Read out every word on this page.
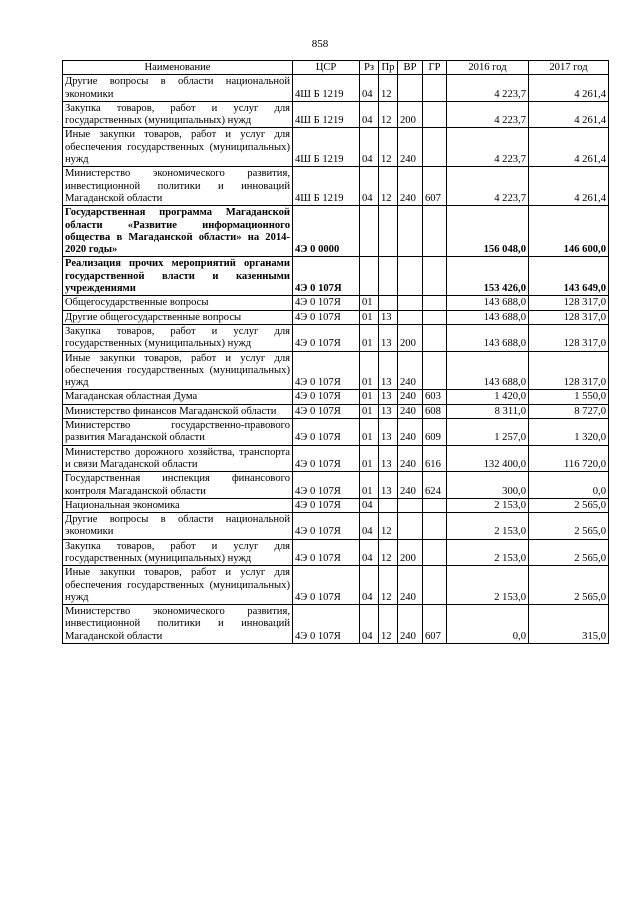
858
Наименование	ЦСР	Рз	Пр	ВР	ГР	2016 год	2017 год
Другие вопросы в области национальной экономики	4Ш Б 1219	04	12			4 223,7	4 261,4
Закупка товаров, работ и услуг для государственных (муниципальных) нужд	4Ш Б 1219	04	12	200		4 223,7	4 261,4
Иные закупки товаров, работ и услуг для обеспечения государственных (муниципальных) нужд	4Ш Б 1219	04	12	240		4 223,7	4 261,4
Министерство экономического развития, инвестиционной политики и инноваций Магаданской области	4Ш Б 1219	04	12	240	607	4 223,7	4 261,4
Государственная программа Магаданской области «Развитие информационного общества в Магаданской области» на 2014-2020 годы»	4Э 0 0000					156 048,0	146 600,0
Реализация прочих мероприятий органами государственной власти и казенными учреждениями	4Э 0 107Я					153 426,0	143 649,0
Общегосударственные вопросы	4Э 0 107Я	01				143 688,0	128 317,0
Другие общегосударственные вопросы	4Э 0 107Я	01	13			143 688,0	128 317,0
Закупка товаров, работ и услуг для государственных (муниципальных) нужд	4Э 0 107Я	01	13	200		143 688,0	128 317,0
Иные закупки товаров, работ и услуг для обеспечения государственных (муниципальных) нужд	4Э 0 107Я	01	13	240		143 688,0	128 317,0
Магаданская областная Дума	4Э 0 107Я	01	13	240	603	1 420,0	1 550,0
Министерство финансов Магаданской области	4Э 0 107Я	01	13	240	608	8 311,0	8 727,0
Министерство государственно-правового развития Магаданской области	4Э 0 107Я	01	13	240	609	1 257,0	1 320,0
Министерство дорожного хозяйства, транспорта и связи Магаданской области	4Э 0 107Я	01	13	240	616	132 400,0	116 720,0
Государственная инспекция финансового контроля Магаданской области	4Э 0 107Я	01	13	240	624	300,0	0,0
Национальная экономика	4Э 0 107Я	04				2 153,0	2 565,0
Другие вопросы в области национальной экономики	4Э 0 107Я	04	12			2 153,0	2 565,0
Закупка товаров, работ и услуг для государственных (муниципальных) нужд	4Э 0 107Я	04	12	200		2 153,0	2 565,0
Иные закупки товаров, работ и услуг для обеспечения государственных (муниципальных) нужд	4Э 0 107Я	04	12	240		2 153,0	2 565,0
Министерство экономического развития, инвестиционной политики и инноваций Магаданской области	4Э 0 107Я	04	12	240	607	0,0	315,0
